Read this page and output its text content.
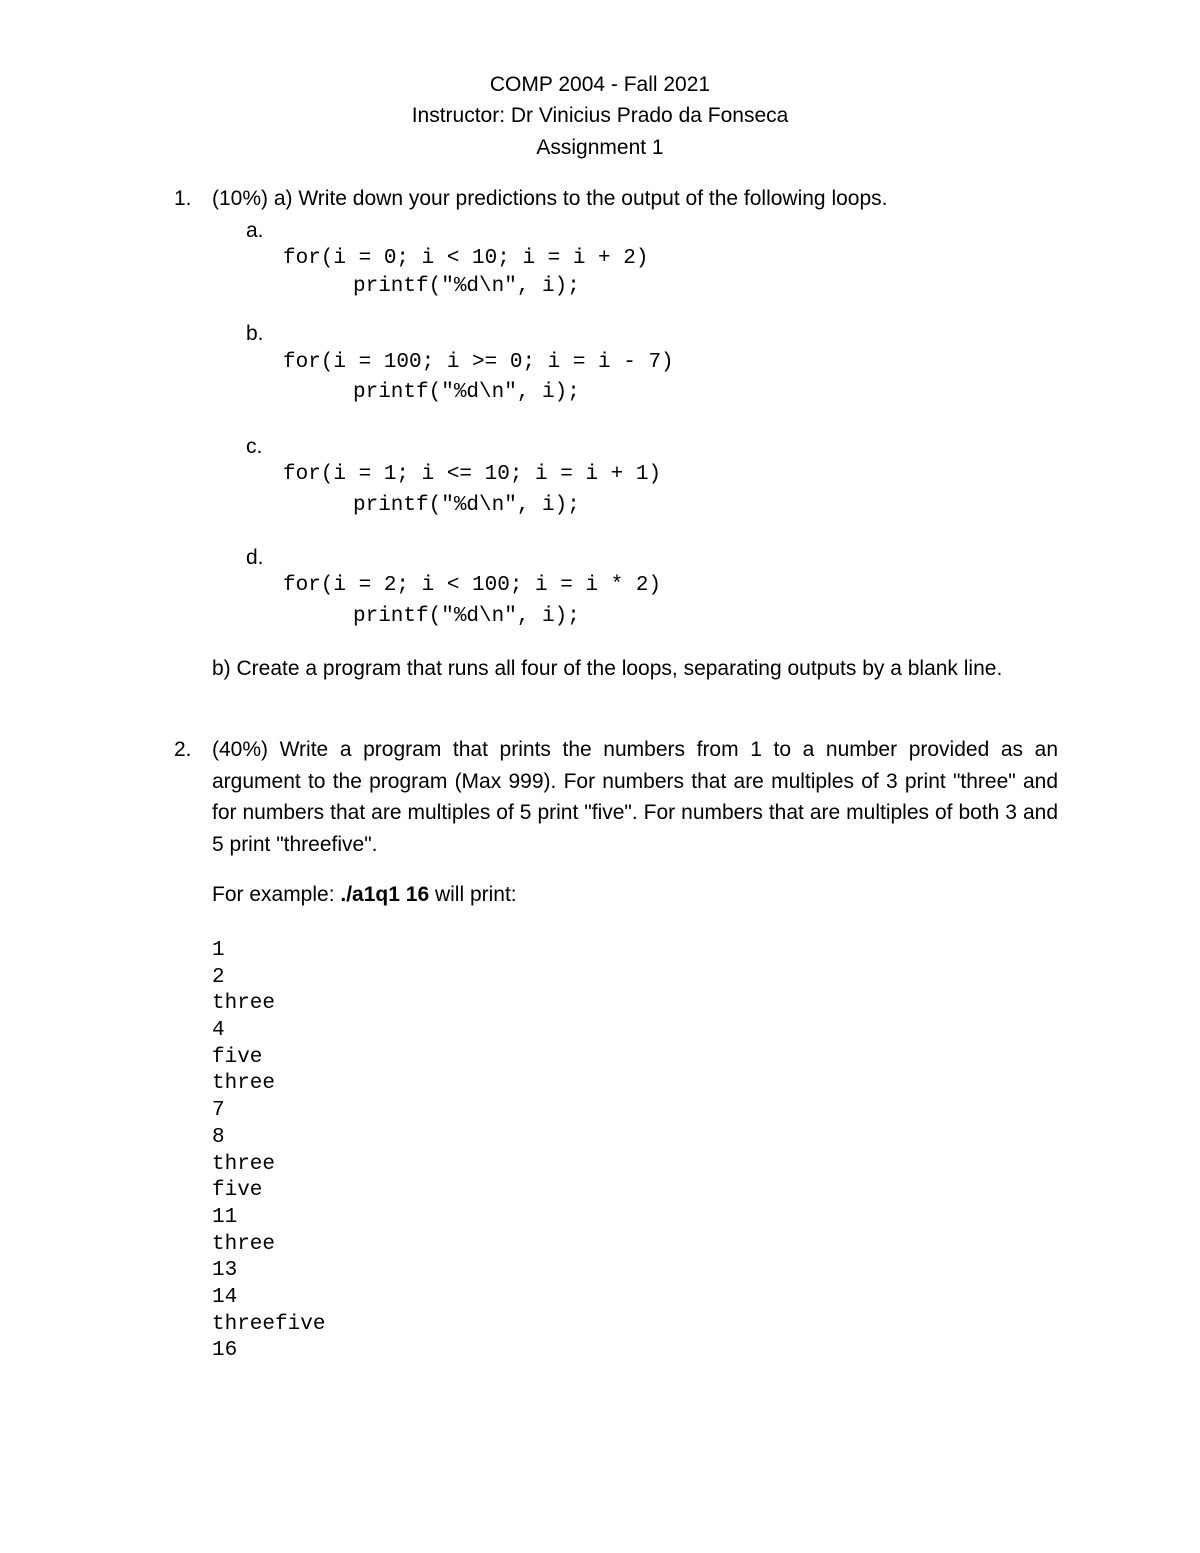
COMP 2004 - Fall 2021
Instructor: Dr Vinicius Prado da Fonseca
Assignment 1
1. (10%) a) Write down your predictions to the output of the following loops.
a.
for(i = 0; i < 10; i = i + 2)
printf("%d\n", i);
b.
for(i = 100; i >= 0; i = i - 7)
printf("%d\n", i);
c.
for(i = 1; i <= 10; i = i + 1)
printf("%d\n", i);
d.
for(i = 2; i < 100; i = i * 2)
printf("%d\n", i);
b) Create a program that runs all four of the loops, separating outputs by a blank line.
2. (40%) Write a program that prints the numbers from 1 to a number provided as an argument to the program (Max 999). For numbers that are multiples of 3 print "three" and for numbers that are multiples of 5 print "five". For numbers that are multiples of both 3 and 5 print "threefive".
For example: ./a1q1 16 will print:
1
2
three
4
five
three
7
8
three
five
11
three
13
14
threefive
16
